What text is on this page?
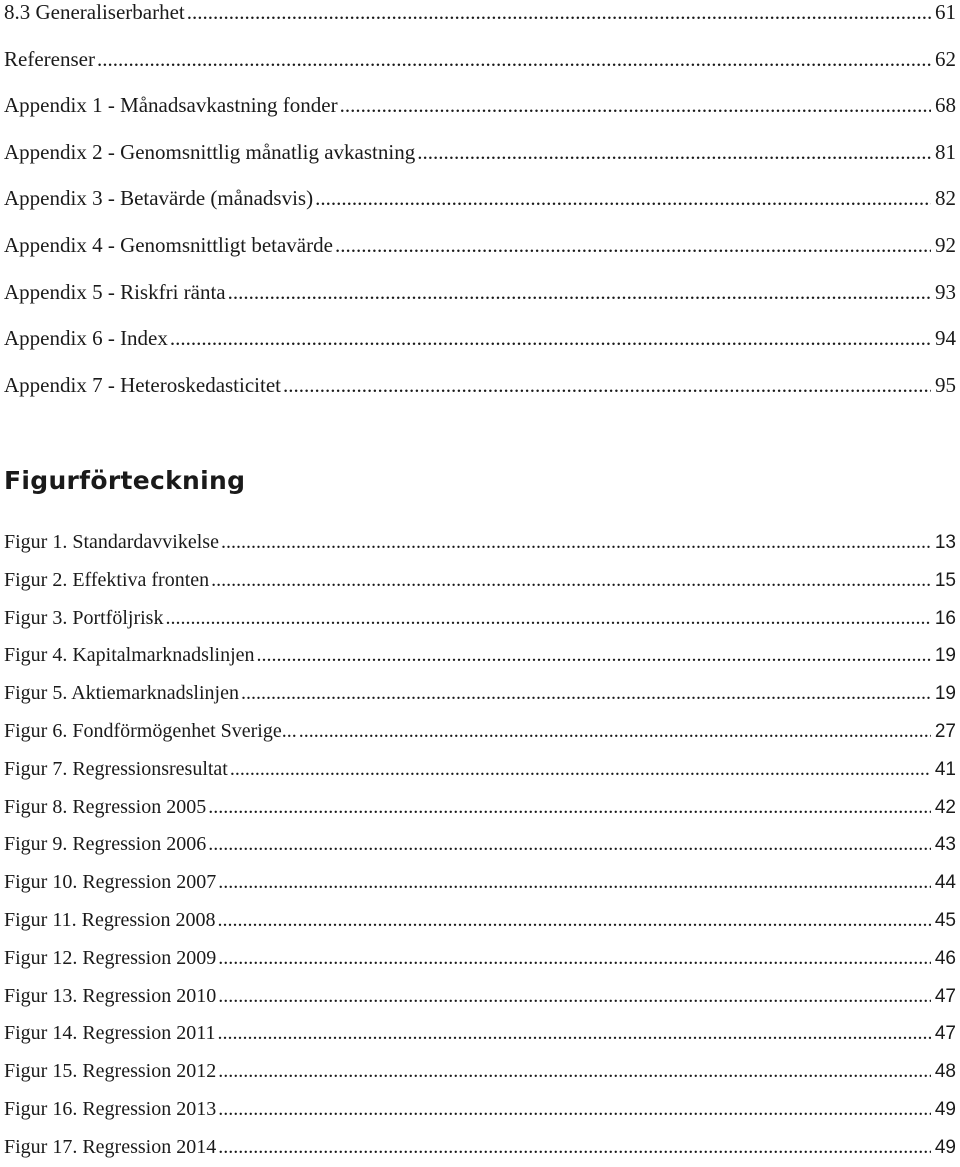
8.3 Generaliserbarhet .....	61
Referenser .....	62
Appendix 1 - Månadsavkastning fonder .....	68
Appendix 2 - Genomsnittlig månatlig avkastning .....	81
Appendix 3 - Betavärde (månadsvis) .....	82
Appendix 4 - Genomsnittligt betavärde .....	92
Appendix 5 - Riskfri ränta .....	93
Appendix 6 - Index .....	94
Appendix 7 - Heteroskedasticitet .....	95
Figurförteckning
Figur 1. Standardavvikelse .....	13
Figur 2. Effektiva fronten .....	15
Figur 3. Portföljrisk .....	16
Figur 4. Kapitalmarknadslinjen .....	19
Figur 5. Aktiemarknadslinjen .....	19
Figur 6. Fondförmögenhet Sverige... .....	27
Figur 7. Regressionsresultat .....	41
Figur 8. Regression 2005 .....	42
Figur 9. Regression 2006 .....	43
Figur 10. Regression 2007 .....	44
Figur 11. Regression 2008 .....	45
Figur 12. Regression 2009 .....	46
Figur 13. Regression 2010 .....	47
Figur 14. Regression 2011 .....	47
Figur 15. Regression 2012 .....	48
Figur 16. Regression 2013 .....	49
Figur 17. Regression 2014 .....	49
